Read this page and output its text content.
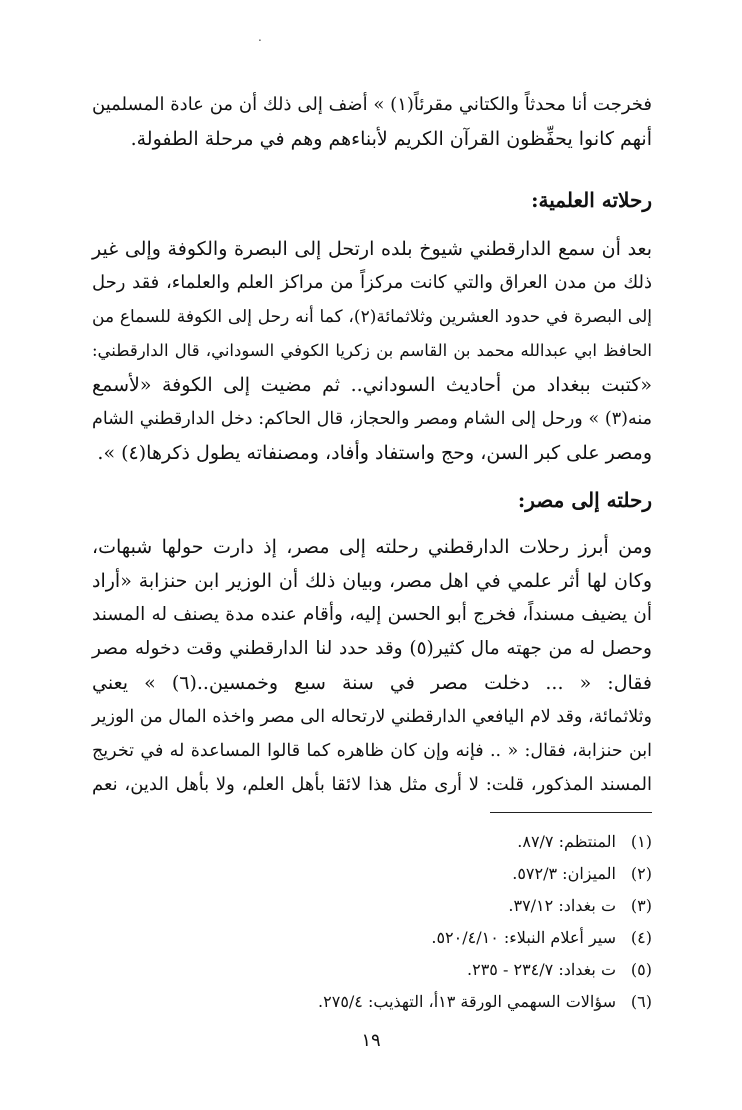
.
فخرجت أنا محدثاً والكتاني مقرئاً(١) » أضف إلى ذلك أن من عادة المسلمين
أنهم كانوا يحفِّظون القرآن الكريم لأبناءهم وهم في مرحلة الطفولة.
رحلاته العلمية:
بعد أن سمع الدارقطني شيوخ بلده ارتحل إلى البصرة والكوفة وإلى غير
ذلك من مدن العراق والتي كانت مركزاً من مراكز العلم والعلماء، فقد رحل
إلى البصرة في حدود العشرين وثلاثمائة(٢)، كما أنه رحل إلى الكوفة للسماع من
الحافظ ابي عبدالله محمد بن القاسم بن زكريا الكوفي السوداني، قال الدارقطني:
«كتبت ببغداد من أحاديث السوداني.. ثم مضيت إلى الكوفة «لأسمع
منه(٣) » ورحل إلى الشام ومصر والحجاز، قال الحاكم: دخل الدارقطني الشام
ومصر على كبر السن، وحج واستفاد وأفاد، ومصنفاته يطول ذكرها(٤) ».
رحلته إلى مصر:
ومن أبرز رحلات الدارقطني رحلته إلى مصر، إذ دارت حولها شبهات،
وكان لها أثر علمي في اهل مصر، وبيان ذلك أن الوزير ابن حنزابة «أراد
أن يضيف مسنداً، فخرج أبو الحسن إليه، وأقام عنده مدة يصنف له المسند
وحصل له من جهته مال كثير(٥) وقد حدد لنا الدارقطني وقت دخوله مصر
فقال: « ... دخلت مصر في سنة سبع وخمسين..(٦) » يعني
وثلاثمائة، وقد لام اليافعي الدارقطني لارتحاله الى مصر واخذه المال من الوزير
ابن حنزابة، فقال: « .. فإنه وإن كان ظاهره كما قالوا المساعدة له في تخريج
المسند المذكور، قلت: لا أرى مثل هذا لائقا بأهل العلم، ولا بأهل الدين، نعم
(١)المنتظم: ٨٧/٧.
(٢)الميزان: ٥٧٢/٣.
(٣)ت بغداد: ٣٧/١٢.
(٤)سير أعلام النبلاء: ٥٢٠/٤/١٠.
(٥)ت بغداد: ٢٣٤/٧ - ٢٣٥.
(٦)سؤالات السهمي الورقة ١٣أ، التهذيب: ٢٧٥/٤.
١٩
